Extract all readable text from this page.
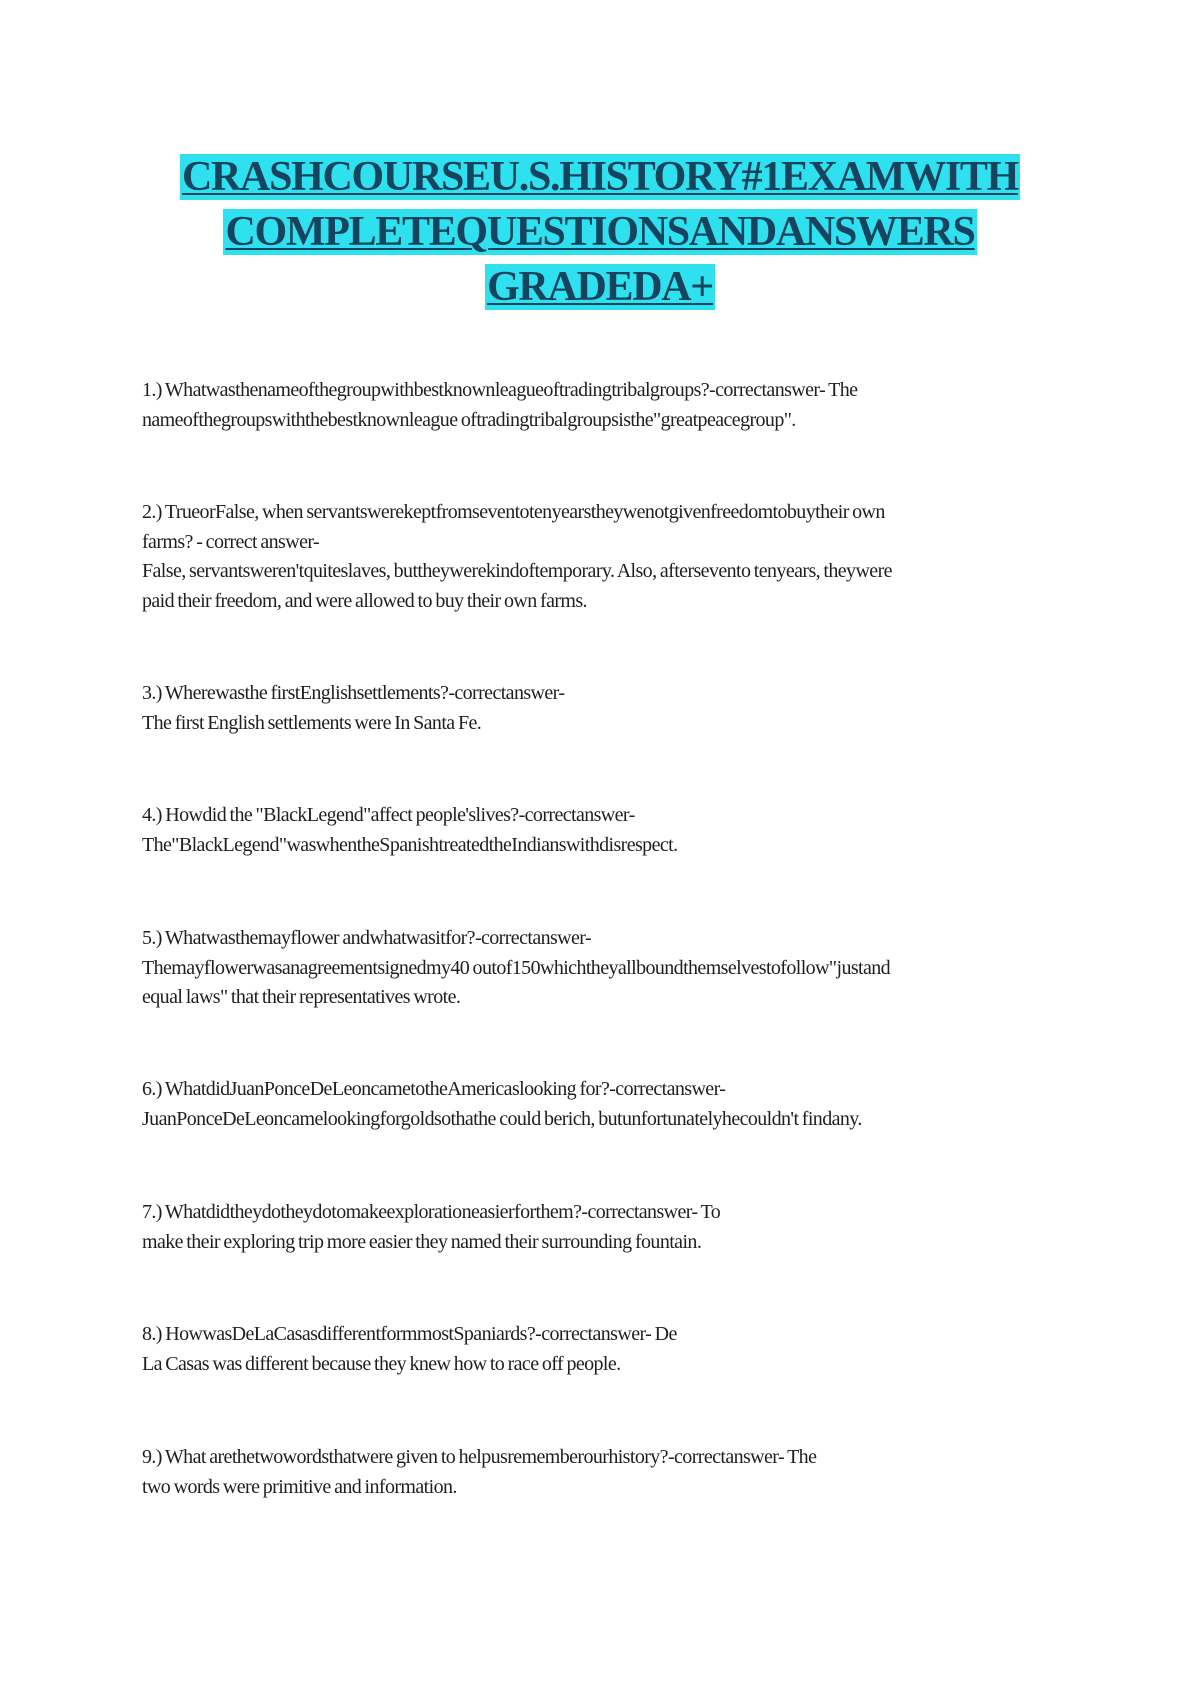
CRASHCOURSEU.S.HISTORY#1EXAMWITH
COMPLETEQUESTIONSANDANSWERS
GRADEDA+

1.) Whatwasthenameofthegroupwithbestknownleagueoftradingtribalgroups?-correctanswer- The

nameofthegroupswiththebestknownleague oftradingtribalgroupsisthe"greatpeacegroup".

2.) TrueorFalse, when servantswerekeptfromseventotenyearstheywenotgivenfreedomtobuytheir own

farms? - correct answer-

False, servantsweren'tquiteslaves, buttheywerekindoftemporary. Also, aftersevento tenyears, theywere

paid their freedom, and were allowed to buy their own farms.

3.) Wherewasthe firstEnglishsettlements?-correctanswer-

The first English settlements were In Santa Fe.

4.) Howdid the "BlackLegend"affect people'slives?-correctanswer-

The"BlackLegend"waswhentheSpanishtreatedtheIndianswithdisrespect.

5.) Whatwasthemayflower andwhatwasitfor?-correctanswer-

Themayflowerwasanagreementsignedmy40 outof150whichtheyallboundthemselvestofollow"justand

equal laws" that their representatives wrote.

6.) WhatdidJuanPonceDeLeoncametotheAmericaslooking for?-correctanswer-

JuanPonceDeLeoncamelookingforgoldsothathe could berich, butunfortunatelyhecouldn't findany.

7.) Whatdidtheydotheydotomakeexplorationeasierforthem?-correctanswer- To

make their exploring trip more easier they named their surrounding fountain.

8.) HowwasDeLaCasasdifferentformmostSpaniards?-correctanswer- De

La Casas was different because they knew how to race off people.

9.) What arethetwowordsthatwere given to helpusrememberourhistory?-correctanswer- The

two words were primitive and information.
